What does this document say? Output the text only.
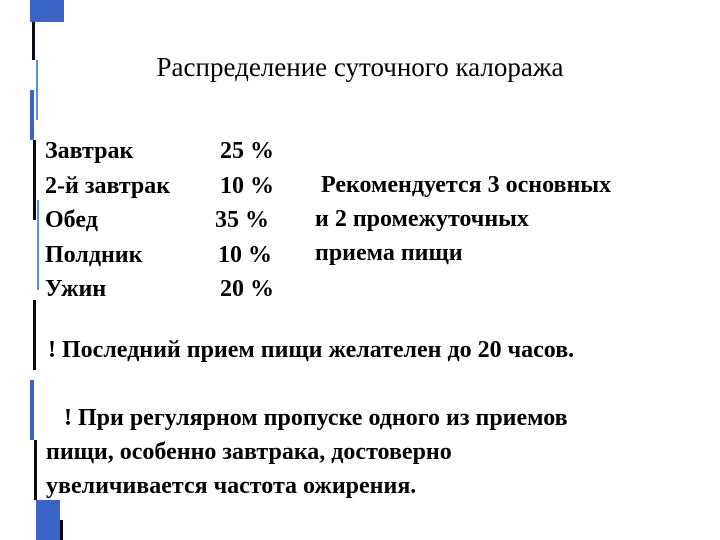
Распределение суточного калоража
Завтрак	25 %
2-й завтрак 10 %
Обед	35 %
Полдник	10 %
Ужин	20 %
Рекомендуется 3 основных
и 2 промежуточных
приема пищи
! Последний прием пищи желателен до 20 часов.
! При регулярном пропуске одного из приемов
пищи, особенно завтрака, достоверно
увеличивается частота ожирения.
